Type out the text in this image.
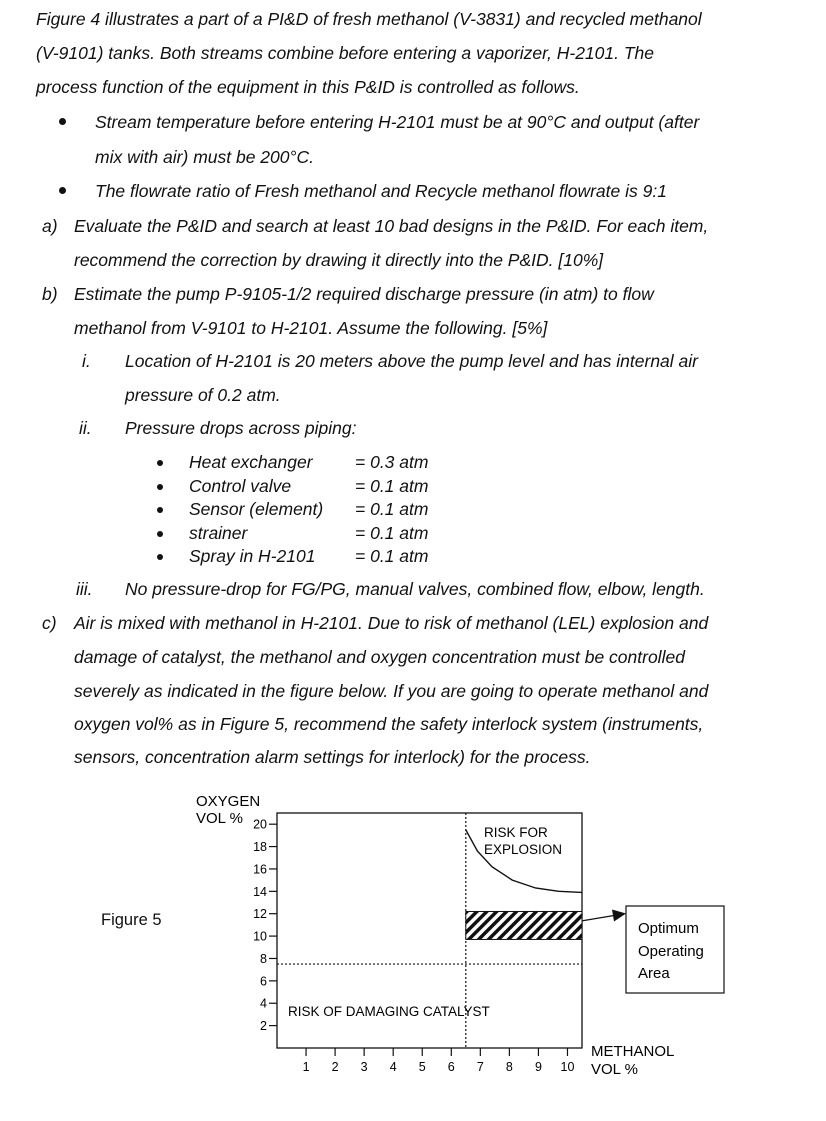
Figure 4 illustrates a part of a PI&D of fresh methanol (V-3831) and recycled methanol
(V-9101) tanks. Both streams combine before entering a vaporizer, H-2101. The
process function of the equipment in this P&ID is controlled as follows.
Stream temperature before entering H-2101 must be at 90°C and output (after
mix with air) must be 200°C.
The flowrate ratio of Fresh methanol and Recycle methanol flowrate is 9:1
a) Evaluate the P&ID and search at least 10 bad designs in the P&ID. For each item,
recommend the correction by drawing it directly into the P&ID. [10%]
b) Estimate the pump P-9105-1/2 required discharge pressure (in atm) to flow
methanol from V-9101 to H-2101. Assume the following. [5%]
i. Location of H-2101 is 20 meters above the pump level and has internal air
pressure of 0.2 atm.
ii. Pressure drops across piping:
Heat exchanger = 0.3 atm
Control valve	= 0.1 atm
Sensor (element) = 0.1 atm
strainer	= 0.1 atm
Spray in H-2101 = 0.1 atm
iii. No pressure-drop for FG/PG, manual valves, combined flow, elbow, length.
c) Air is mixed with methanol in H-2101. Due to risk of methanol (LEL) explosion and
damage of catalyst, the methanol and oxygen concentration must be controlled
severely as indicated in the figure below. If you are going to operate methanol and
oxygen vol% as in Figure 5, recommend the safety interlock system (instruments,
sensors, concentration alarm settings for interlock) for the process.
Figure 5
OXYGEN
VOL %
2
4
6
8
10
12
14
16
18
20
1 2 3 4 5 6 7 8 9 10
RISK FOR
EXPLOSION
RISK OF DAMAGING CATALYST
METHANOL
VOL %
Optimum
Operating
Area
